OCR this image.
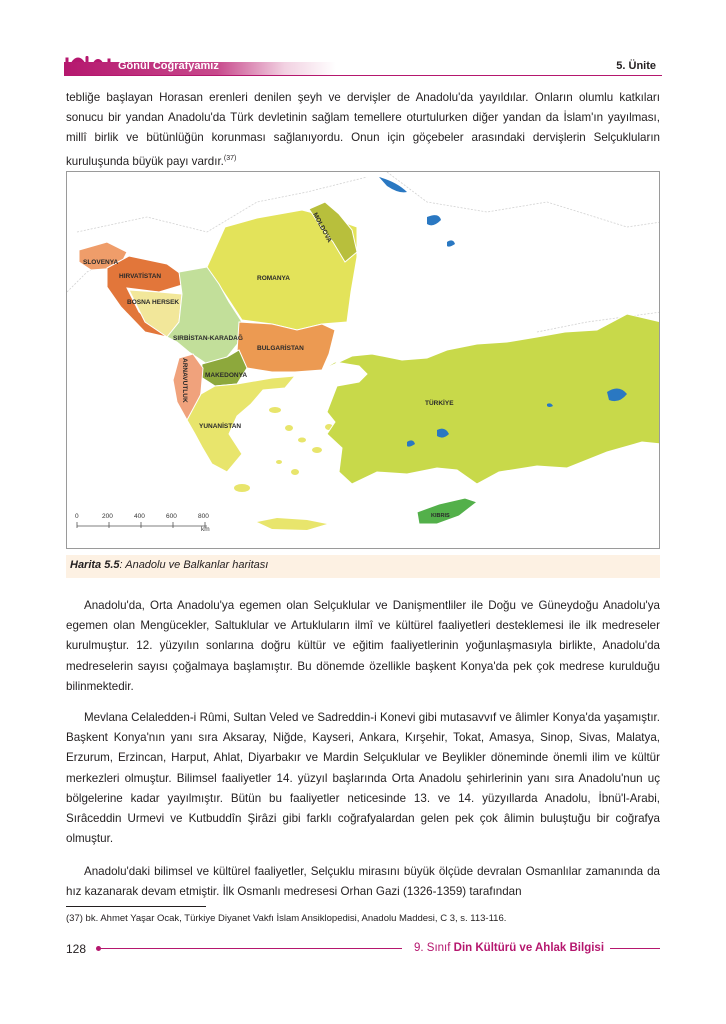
Gönül Coğrafyamız	5. Ünite

tebliğe başlayan Horasan erenleri denilen şeyh ve dervişler de Anadolu'da yayıldılar. Onların olumlu katkıları sonucu bir yandan Anadolu'da Türk devletinin sağlam temellere oturtulurken diğer yandan da İslam'ın yayılması, millî birlik ve bütünlüğün korunması sağlanıyordu. Onun için göçebeler arasındaki dervişlerin Selçukluların kuruluşunda büyük payı vardır.$^{(37)}$

SLOVENYA
HIRVATİSTAN
BOSNA HERSEK
SIRBİSTAN-KARADAĞ
ROMANYA
MOLDOVA
BULGARİSTAN
MAKEDONYA
ARNAVUTLUK
YUNANİSTAN
TÜRKİYE
KIBRIS
0	200	400	600	800
km
Harita 5.5: Anadolu ve Balkanlar haritası

Anadolu'da, Orta Anadolu'ya egemen olan Selçuklular ve Danişmentliler ile Doğu ve Güneydoğu Anadolu'ya egemen olan Mengücekler, Saltuklular ve Artukluların ilmî ve kültürel faaliyetleri desteklemesi ile ilk medreseler kurulmuştur. 12. yüzyılın sonlarına doğru kültür ve eğitim faaliyetlerinin yoğunlaşmasıyla birlikte, Anadolu'da medreselerin sayısı çoğalmaya başlamıştır. Bu dönemde özellikle başkent Konya'da pek çok medrese kurulduğu bilinmektedir.

Mevlana Celaledden-i Rûmi, Sultan Veled ve Sadreddin-i Konevi gibi mutasavvıf ve âlimler Konya'da yaşamıştır. Başkent Konya'nın yanı sıra Aksaray, Niğde, Kayseri, Ankara, Kırşehir, Tokat, Amasya, Sinop, Sivas, Malatya, Erzurum, Erzincan, Harput, Ahlat, Diyarbakır ve Mardin Selçuklular ve Beylikler döneminde önemli ilim ve kültür merkezleri olmuştur. Bilimsel faaliyetler 14. yüzyıl başlarında Orta Anadolu şehirlerinin yanı sıra Anadolu'nun uç bölgelerine kadar yayılmıştır. Bütün bu faaliyetler neticesinde 13. ve 14. yüzyıllarda Anadolu, İbnü'l-Arabi, Sırâceddin Urmevi ve Kutbuddîn Şirâzi gibi farklı coğrafyalardan gelen pek çok âlimin buluştuğu bir coğrafya olmuştur.

Anadolu'daki bilimsel ve kültürel faaliyetler, Selçuklu mirasını büyük ölçüde devralan Osmanlılar zamanında da hız kazanarak devam etmiştir. İlk Osmanlı medresesi Orhan Gazi (1326-1359) tarafından

(37) bk. Ahmet Yaşar Ocak, Türkiye Diyanet Vakfı İslam Ansiklopedisi, Anadolu Maddesi, C 3, s. 113-116.
128	9. Sınıf Din Kültürü ve Ahlak Bilgisi
